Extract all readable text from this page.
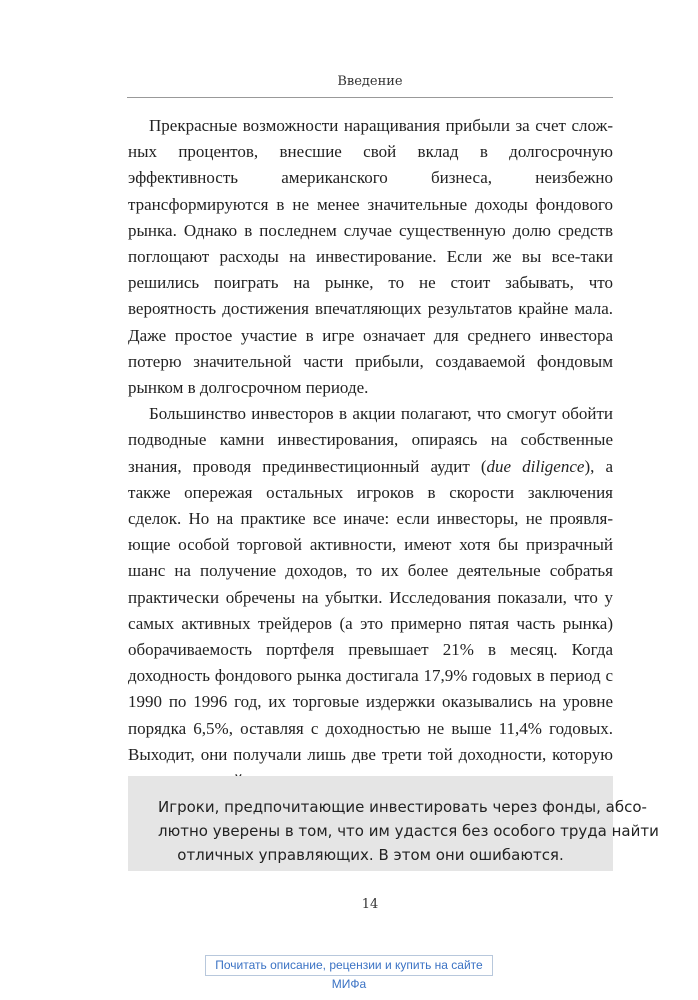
Введение

Прекрасные возможности наращивания прибыли за счет сложных процентов, внесшие свой вклад в долгосрочную эффективность американского бизнеса, неизбежно трансформируются в не менее значительные доходы фондового рынка. Однако в последнем случае существенную долю средств поглощают расходы на инвестирование. Если же вы все-таки решились поиграть на рынке, то не стоит забывать, что вероятность достижения впечатляющих результатов крайне мала. Даже простое участие в игре означает для среднего инвестора потерю значительной части прибыли, создаваемой фондовым рынком в долгосрочном периоде.

Большинство инвесторов в акции полагают, что смогут обойти подводные камни инвестирования, опираясь на собственные знания, проводя прединвестиционный аудит (due diligence), а также опережая остальных игроков в скорости заключения сделок. Но на практике все иначе: если инвесторы, не проявляющие особой торговой активности, имеют хотя бы призрачный шанс на получение доходов, то их более деятельные собратья практически обречены на убытки. Исследования показали, что у самых активных трейдеров (а это примерно пятая часть рынка) оборачиваемость портфеля превышает 21% в месяц. Когда доходность фондового рынка достигала 17,9% годовых в период с 1990 по 1996 год, их торговые издержки оказывались на уровне порядка 6,5%, оставляя с доходностью не выше 11,4% годовых. Выходит, они получали лишь две трети той доходности, которую

Игроки, предпочитающие инвестировать через фонды, абсо-
лютно уверены в том, что им удастся без особого труда найти
отличных управляющих. В этом они ошибаются.
14
Почитать описание, рецензии и купить на сайте МИФа
